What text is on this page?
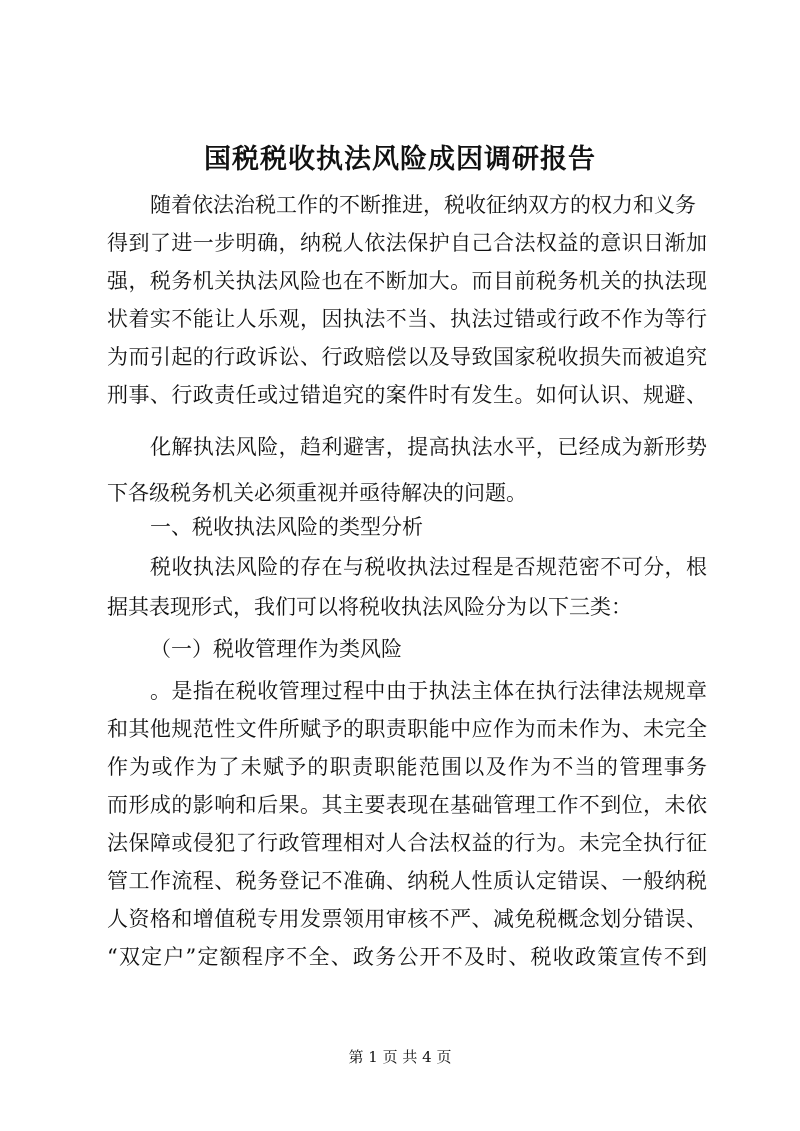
国税税收执法风险成因调研报告

随着依法治税工作的不断推进，税收征纳双方的权力和义务

得到了进一步明确，纳税人依法保护自己合法权益的意识日渐加

强，税务机关执法风险也在不断加大。而目前税务机关的执法现

状着实不能让人乐观，因执法不当、执法过错或行政不作为等行

为而引起的行政诉讼、行政赔偿以及导致国家税收损失而被追究

刑事、行政责任或过错追究的案件时有发生。如何认识、规避、

化解执法风险，趋利避害，提高执法水平，已经成为新形势

下各级税务机关必须重视并亟待解决的问题。

一、税收执法风险的类型分析

税收执法风险的存在与税收执法过程是否规范密不可分，根

据其表现形式，我们可以将税收执法风险分为以下三类：

（一）税收管理作为类风险

。是指在税收管理过程中由于执法主体在执行法律法规规章

和其他规范性文件所赋予的职责职能中应作为而未作为、未完全

作为或作为了未赋予的职责职能范围以及作为不当的管理事务

而形成的影响和后果。其主要表现在基础管理工作不到位，未依

法保障或侵犯了行政管理相对人合法权益的行为。未完全执行征

管工作流程、税务登记不准确、纳税人性质认定错误、一般纳税

人资格和增值税专用发票领用审核不严、减免税概念划分错误、

“双定户”定额程序不全、政务公开不及时、税收政策宣传不到

第 1 页 共 4 页
